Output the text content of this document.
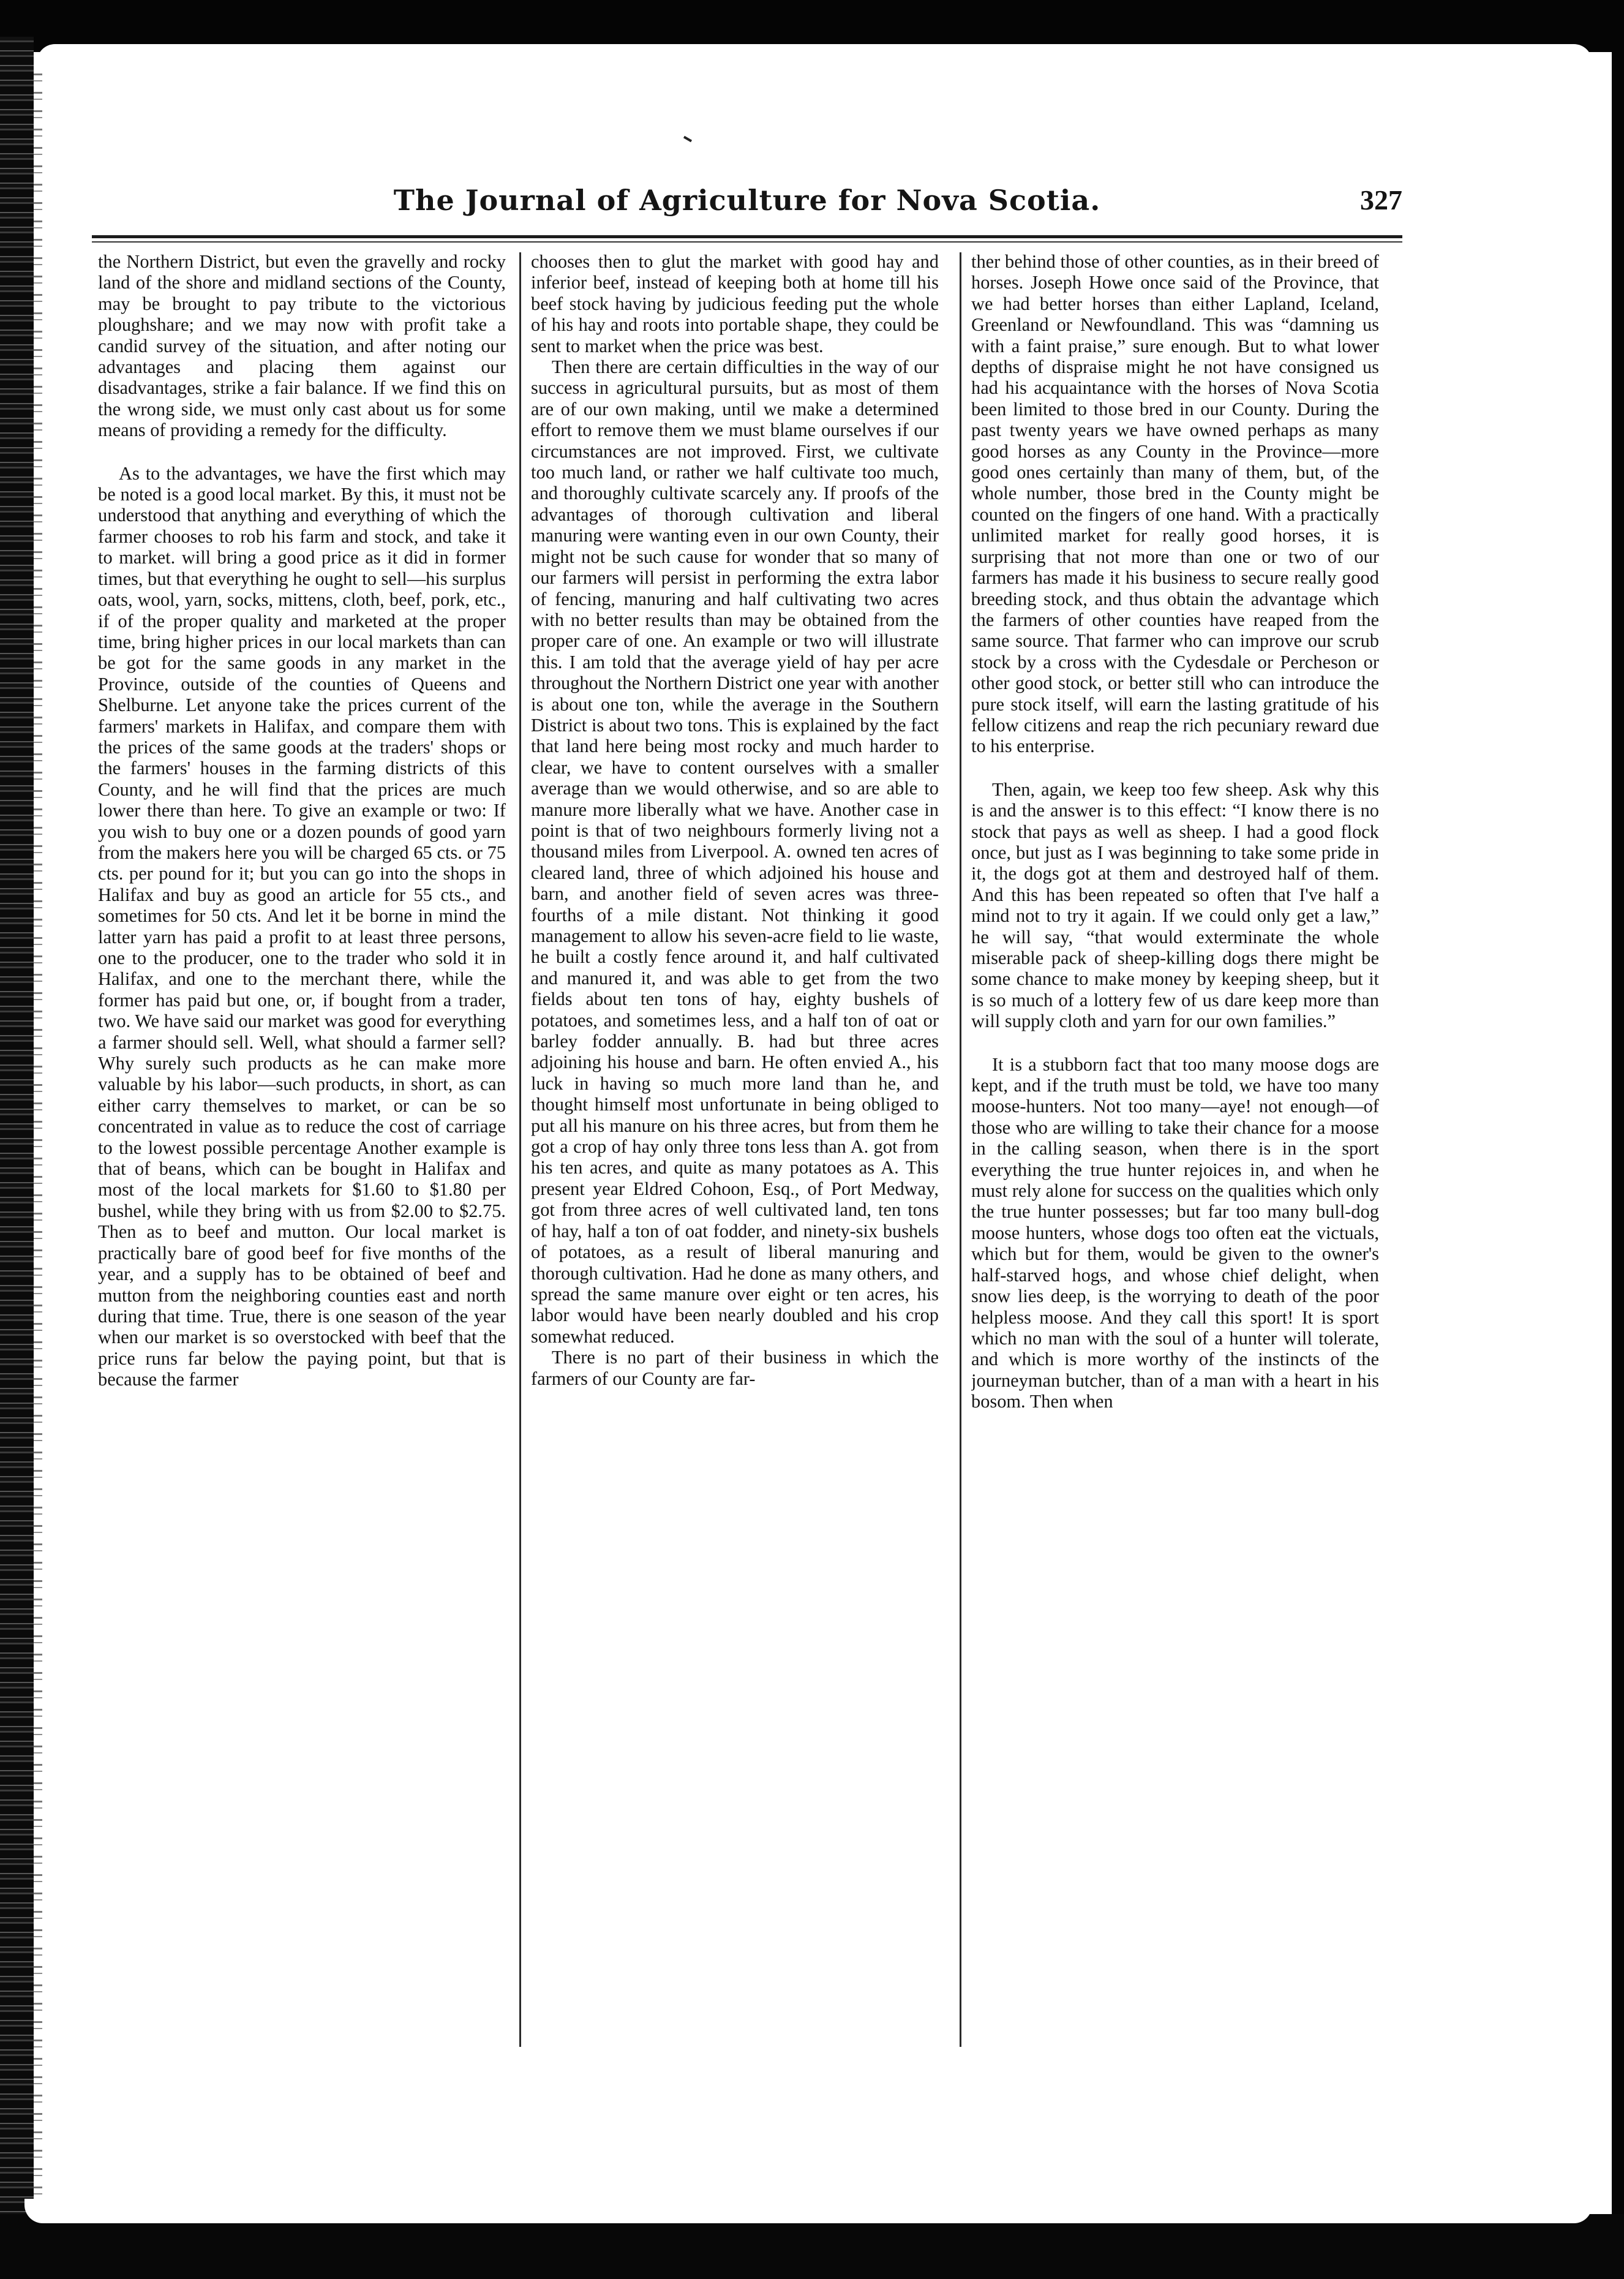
The Journal of Agriculture for Nova Scotia.	327

the Northern District, but even the gravelly and rocky land of the shore and midland sections of the County, may be brought to pay tribute to the victorious ploughshare; and we may now with profit take a candid survey of the situation, and after noting our advantages and placing them against our disadvantages, strike a fair balance. If we find this on the wrong side, we must only cast about us for some means of providing a remedy for the difficulty.

As to the advantages, we have the first which may be noted is a good local market. By this, it must not be understood that anything and everything of which the farmer chooses to rob his farm and stock, and take it to market. will bring a good price as it did in former times, but that everything he ought to sell—his surplus oats, wool, yarn, socks, mittens, cloth, beef, pork, etc., if of the proper quality and marketed at the proper time, bring higher prices in our local markets than can be got for the same goods in any market in the Province, outside of the counties of Queens and Shelburne. Let anyone take the prices current of the farmers' markets in Halifax, and compare them with the prices of the same goods at the traders' shops or the farmers' houses in the farming districts of this County, and he will find that the prices are much lower there than here. To give an example or two: If you wish to buy one or a dozen pounds of good yarn from the makers here you will be charged 65 cts. or 75 cts. per pound for it; but you can go into the shops in Halifax and buy as good an article for 55 cts., and sometimes for 50 cts. And let it be borne in mind the latter yarn has paid a profit to at least three persons, one to the producer, one to the trader who sold it in Halifax, and one to the merchant there, while the former has paid but one, or, if bought from a trader, two. We have said our market was good for everything a farmer should sell. Well, what should a farmer sell? Why surely such products as he can make more valuable by his labor—such products, in short, as can either carry themselves to market, or can be so concentrated in value as to reduce the cost of carriage to the lowest possible percentage Another example is that of beans, which can be bought in Halifax and most of the local markets for $1.60 to $1.80 per bushel, while they bring with us from $2.00 to $2.75. Then as to beef and mutton. Our local market is practically bare of good beef for five months of the year, and a supply has to be obtained of beef and mutton from the neighboring counties east and north during that time. True, there is one season of the year when our market is so overstocked with beef that the price runs far below the paying point, but that is because the farmer

chooses then to glut the market with good hay and inferior beef, instead of keeping both at home till his beef stock having by judicious feeding put the whole of his hay and roots into portable shape, they could be sent to market when the price was best.

Then there are certain difficulties in the way of our success in agricultural pursuits, but as most of them are of our own making, until we make a determined effort to remove them we must blame ourselves if our circumstances are not improved. First, we cultivate too much land, or rather we half cultivate too much, and thoroughly cultivate scarcely any. If proofs of the advantages of thorough cultivation and liberal manuring were wanting even in our own County, their might not be such cause for wonder that so many of our farmers will persist in performing the extra labor of fencing, manuring and half cultivating two acres with no better results than may be obtained from the proper care of one. An example or two will illustrate this. I am told that the average yield of hay per acre throughout the Northern District one year with another is about one ton, while the average in the Southern District is about two tons. This is explained by the fact that land here being most rocky and much harder to clear, we have to content ourselves with a smaller average than we would otherwise, and so are able to manure more liberally what we have. Another case in point is that of two neighbours formerly living not a thousand miles from Liverpool. A. owned ten acres of cleared land, three of which adjoined his house and barn, and another field of seven acres was three-fourths of a mile distant. Not thinking it good management to allow his seven-acre field to lie waste, he built a costly fence around it, and half cultivated and manured it, and was able to get from the two fields about ten tons of hay, eighty bushels of potatoes, and sometimes less, and a half ton of oat or barley fodder annually. B. had but three acres adjoining his house and barn. He often envied A., his luck in having so much more land than he, and thought himself most unfortunate in being obliged to put all his manure on his three acres, but from them he got a crop of hay only three tons less than A. got from his ten acres, and quite as many potatoes as A. This present year Eldred Cohoon, Esq., of Port Medway, got from three acres of well cultivated land, ten tons of hay, half a ton of oat fodder, and ninety-six bushels of potatoes, as a result of liberal manuring and thorough cultivation. Had he done as many others, and spread the same manure over eight or ten acres, his labor would have been nearly doubled and his crop somewhat reduced.

There is no part of their business in which the farmers of our County are far-

ther behind those of other counties, as in their breed of horses. Joseph Howe once said of the Province, that we had better horses than either Lapland, Iceland, Greenland or Newfoundland. This was “damning us with a faint praise,” sure enough. But to what lower depths of dispraise might he not have consigned us had his acquaintance with the horses of Nova Scotia been limited to those bred in our County. During the past twenty years we have owned perhaps as many good horses as any County in the Province—more good ones certainly than many of them, but, of the whole number, those bred in the County might be counted on the fingers of one hand. With a practically unlimited market for really good horses, it is surprising that not more than one or two of our farmers has made it his business to secure really good breeding stock, and thus obtain the advantage which the farmers of other counties have reaped from the same source. That farmer who can improve our scrub stock by a cross with the Cydesdale or Percheson or other good stock, or better still who can introduce the pure stock itself, will earn the lasting gratitude of his fellow citizens and reap the rich pecuniary reward due to his enterprise.

Then, again, we keep too few sheep. Ask why this is and the answer is to this effect: “I know there is no stock that pays as well as sheep. I had a good flock once, but just as I was beginning to take some pride in it, the dogs got at them and destroyed half of them. And this has been repeated so often that I've half a mind not to try it again. If we could only get a law,” he will say, “that would exterminate the whole miserable pack of sheep-killing dogs there might be some chance to make money by keeping sheep, but it is so much of a lottery few of us dare keep more than will supply cloth and yarn for our own families.”

It is a stubborn fact that too many moose dogs are kept, and if the truth must be told, we have too many moose-hunters. Not too many—aye! not enough—of those who are willing to take their chance for a moose in the calling season, when there is in the sport everything the true hunter rejoices in, and when he must rely alone for success on the qualities which only the true hunter possesses; but far too many bull-dog moose hunters, whose dogs too often eat the victuals, which but for them, would be given to the owner's half-starved hogs, and whose chief delight, when snow lies deep, is the worrying to death of the poor helpless moose. And they call this sport! It is sport which no man with the soul of a hunter will tolerate, and which is more worthy of the instincts of the journeyman butcher, than of a man with a heart in his bosom. Then when
